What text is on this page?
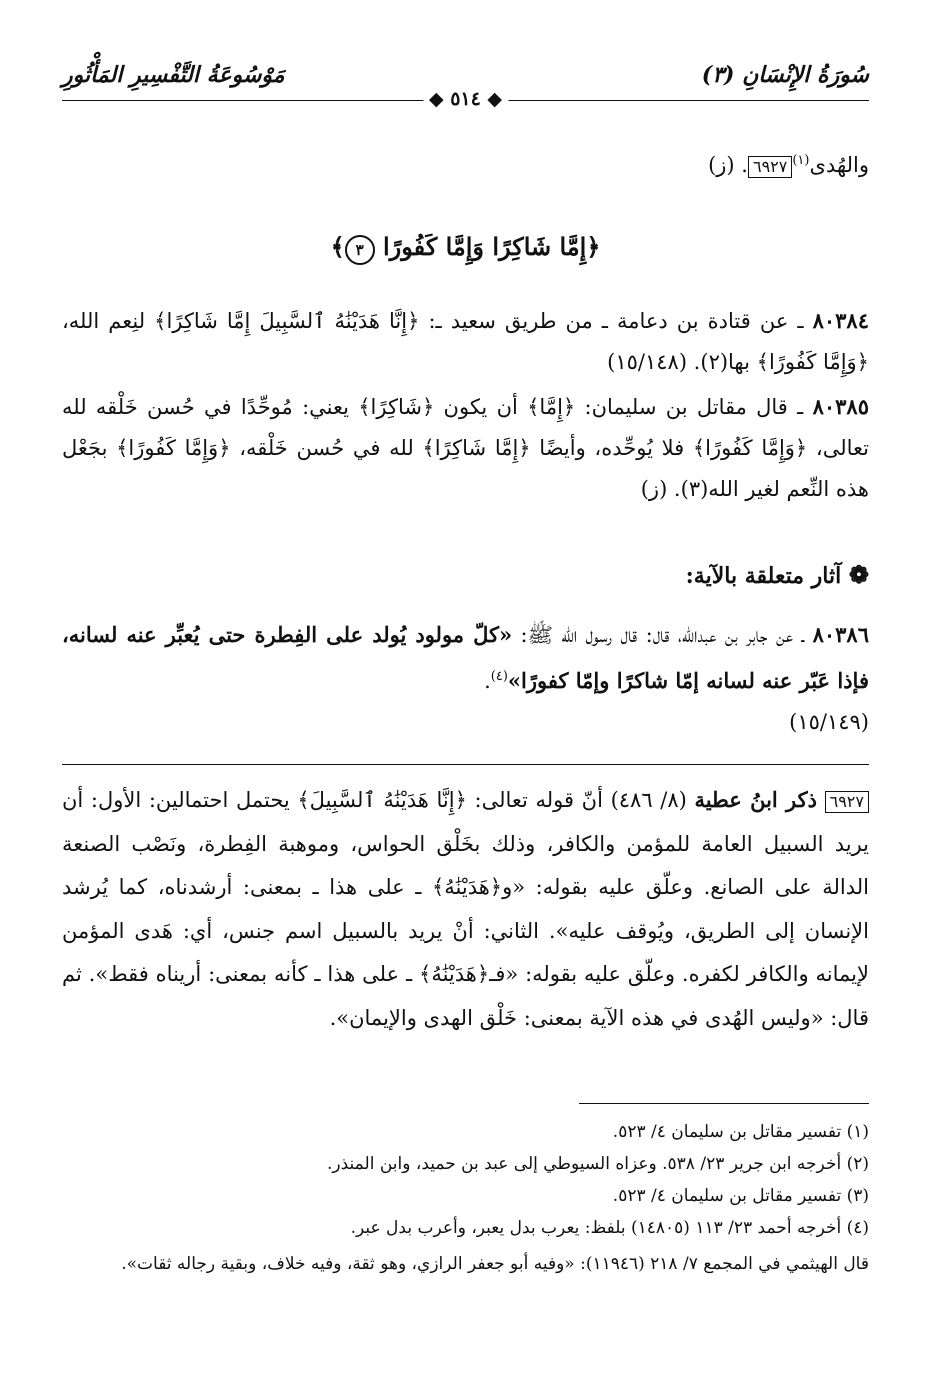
سُورَةُ الإِنْسَانِ (٣)
◆ ٥١٤ ◆
مَوْسُوعَةُ التَّفْسِيرِ المَأْثُورِ
والهُدى$^{(١)}$٦٩٢٧. (ز)
﴿إِمَّا شَاكِرًا وَإِمَّا كَفُورًا ٣﴾
٨٠٣٨٤ ـ عن قتادة بن دعامة ـ من طريق سعيد ـ: ﴿إِنَّا هَدَيْنَٰهُ ٱلسَّبِيلَ إِمَّا شَاكِرًا﴾ لنِعم الله، ﴿وَإِمَّا كَفُورًا﴾ بها(٢). (١٥/١٤٨)
٨٠٣٨٥ ـ قال مقاتل بن سليمان: ﴿إِمَّا﴾ أن يكون ﴿شَاكِرًا﴾ يعني: مُوحِّدًا في حُسن خَلْقه لله تعالى، ﴿وَإِمَّا كَفُورًا﴾ فلا يُوحِّده، وأيضًا ﴿إِمَّا شَاكِرًا﴾ لله في حُسن خَلْقه، ﴿وَإِمَّا كَفُورًا﴾ بجَعْل هذه النِّعم لغير الله(٣). (ز)
❁ آثار متعلقة بالآية:
٨٠٣٨٦ ـ عن جابر بن عبدالله، قال: قال رسول الله ﷺ: «كلّ مولود يُولد على الفِطرة حتى يُعبِّر عنه لسانه، فإذا عَبّر عنه لسانه إمّا شاكرًا وإمّا كفورًا»$^{(٤)}$.
(١٥/١٤٩)
٦٩٢٧ ذكر ابنُ عطية (٨/ ٤٨٦) أنّ قوله تعالى: ﴿إِنَّا هَدَيْنَٰهُ ٱلسَّبِيلَ﴾ يحتمل احتمالين: الأول: أن يريد السبيل العامة للمؤمن والكافر، وذلك بخَلْق الحواس، وموهبة الفِطرة، ونَصْب الصنعة الدالة على الصانع. وعلّق عليه بقوله: «و﴿هَدَيْنَٰهُ﴾ ـ على هذا ـ بمعنى: أرشدناه، كما يُرشد الإنسان إلى الطريق، ويُوقف عليه». الثاني: أنْ يريد بالسبيل اسم جنس، أي: هَدى المؤمن لإيمانه والكافر لكفره. وعلّق عليه بقوله: «فـ﴿هَدَيْنَٰهُ﴾ ـ على هذا ـ كأنه بمعنى: أريناه فقط». ثم قال: «وليس الهُدى في هذه الآية بمعنى: خَلْق الهدى والإيمان».
(١) تفسير مقاتل بن سليمان ٤/ ٥٢٣.
(٢) أخرجه ابن جرير ٢٣/ ٥٣٨. وعزاه السيوطي إلى عبد بن حميد، وابن المنذر.
(٣) تفسير مقاتل بن سليمان ٤/ ٥٢٣.
(٤) أخرجه أحمد ٢٣/ ١١٣ (١٤٨٠٥) بلفظ: يعرب بدل يعبر، وأعرب بدل عبر.
قال الهيثمي في المجمع ٧/ ٢١٨ (١١٩٤٦): «وفيه أبو جعفر الرازي، وهو ثقة، وفيه خلاف، وبقية رجاله ثقات».
